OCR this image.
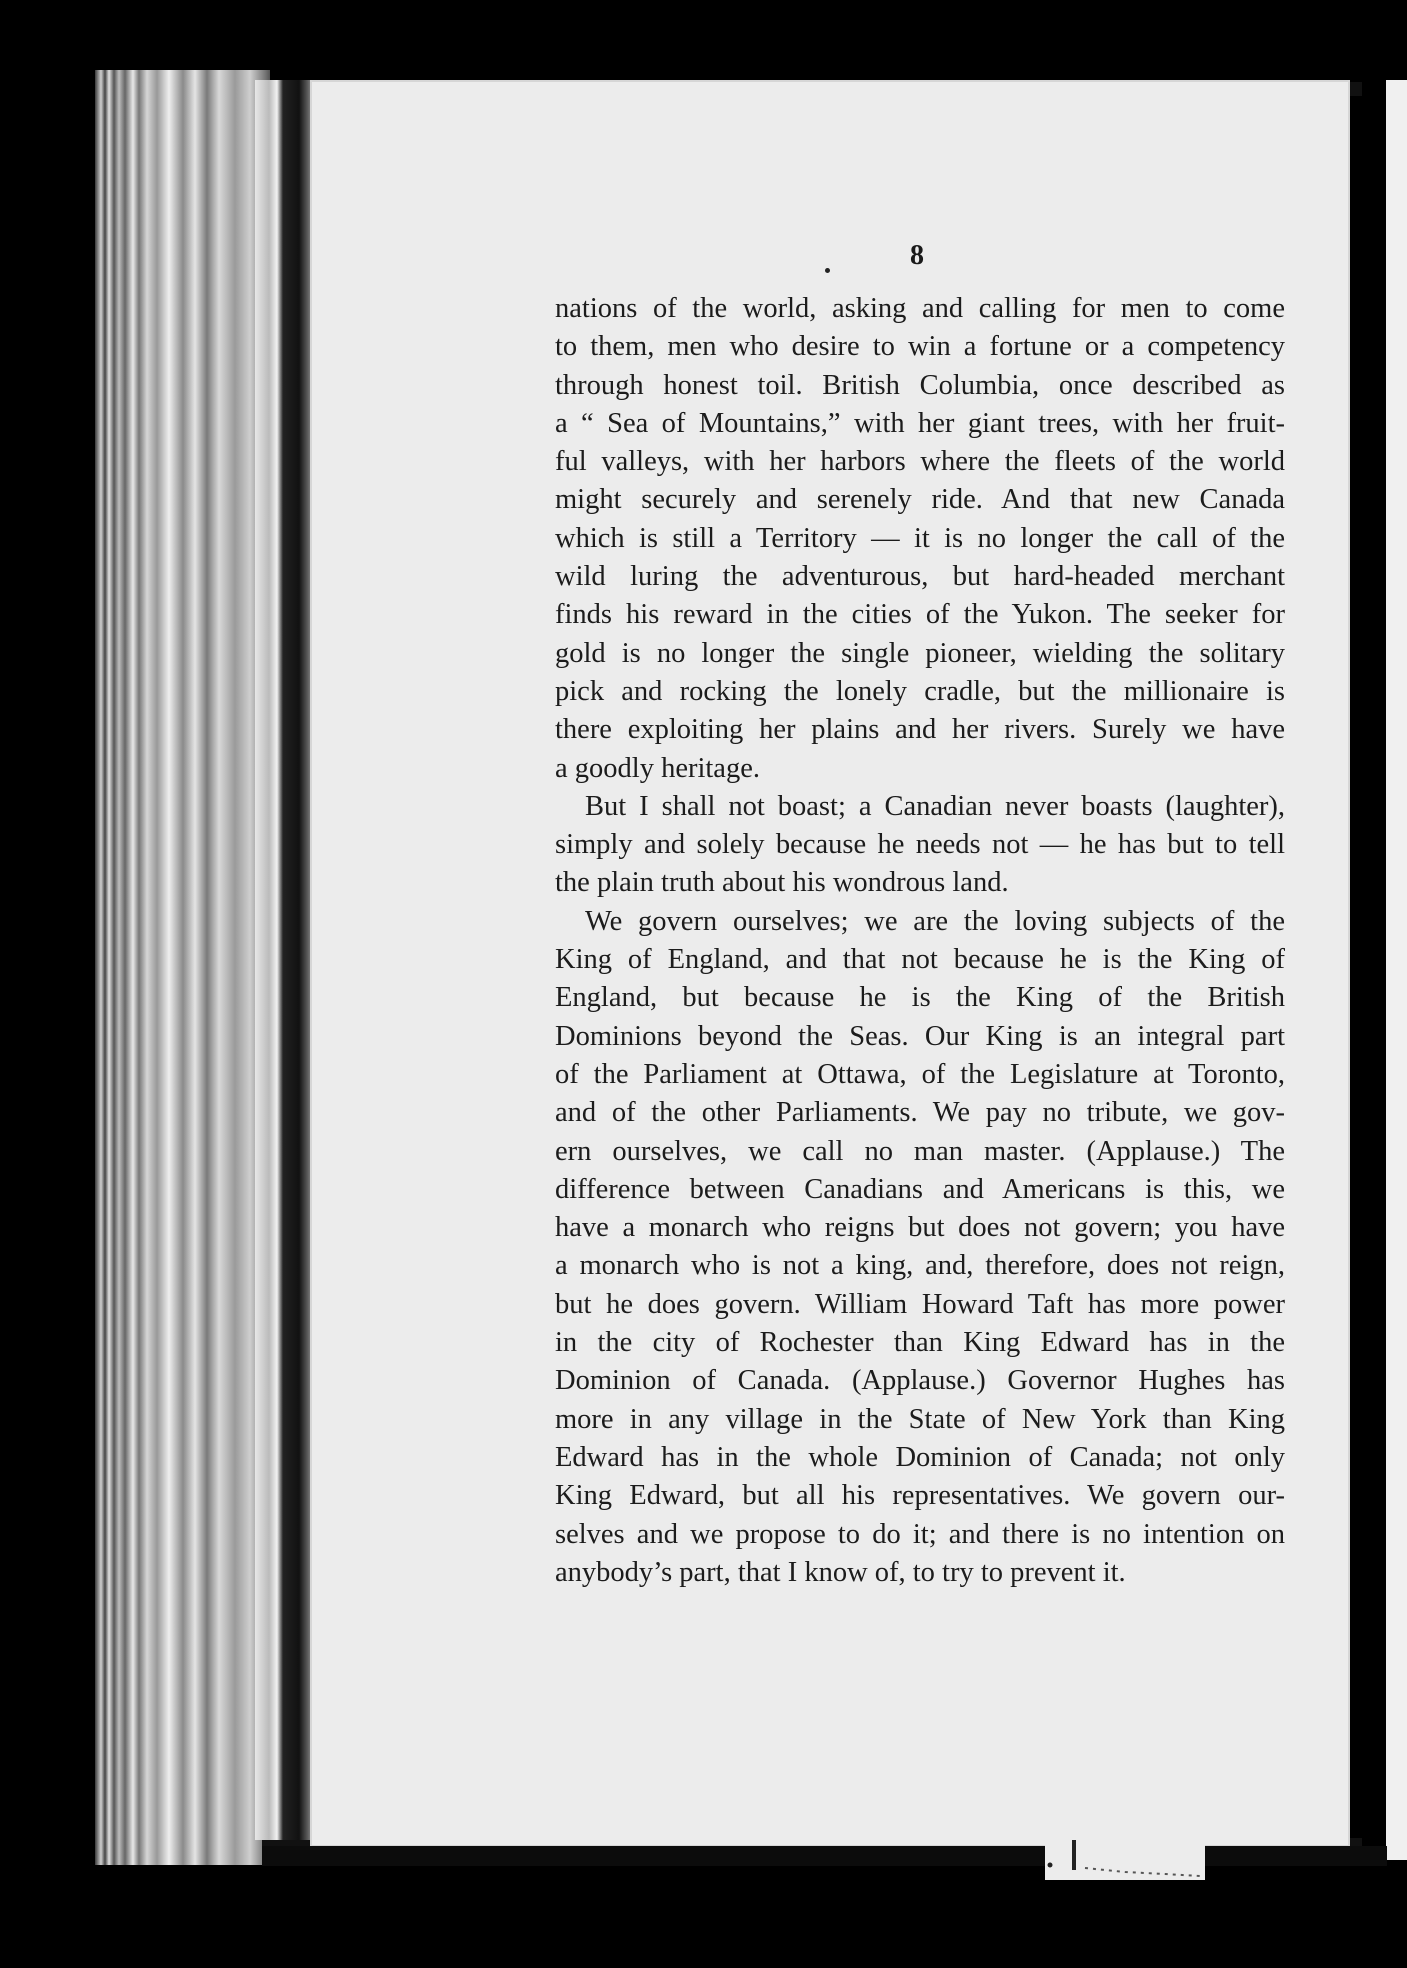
8
nations of the world, asking and calling for men to come
to them, men who desire to win a fortune or a competency
through honest toil. British Columbia, once described as
a “ Sea of Mountains,” with her giant trees, with her fruit-
ful valleys, with her harbors where the fleets of the world
might securely and serenely ride. And that new Canada
which is still a Territory — it is no longer the call of the
wild luring the adventurous, but hard-headed merchant
finds his reward in the cities of the Yukon. The seeker for
gold is no longer the single pioneer, wielding the solitary
pick and rocking the lonely cradle, but the millionaire is
there exploiting her plains and her rivers. Surely we have
a goodly heritage.
But I shall not boast; a Canadian never boasts (laughter),
simply and solely because he needs not — he has but to tell
the plain truth about his wondrous land.
We govern ourselves; we are the loving subjects of the
King of England, and that not because he is the King of
England, but because he is the King of the British
Dominions beyond the Seas. Our King is an integral part
of the Parliament at Ottawa, of the Legislature at Toronto,
and of the other Parliaments. We pay no tribute, we gov-
ern ourselves, we call no man master. (Applause.) The
difference between Canadians and Americans is this, we
have a monarch who reigns but does not govern; you have
a monarch who is not a king, and, therefore, does not reign,
but he does govern. William Howard Taft has more power
in the city of Rochester than King Edward has in the
Dominion of Canada. (Applause.) Governor Hughes has
more in any village in the State of New York than King
Edward has in the whole Dominion of Canada; not only
King Edward, but all his representatives. We govern our-
selves and we propose to do it; and there is no intention on
anybody’s part, that I know of, to try to prevent it.
